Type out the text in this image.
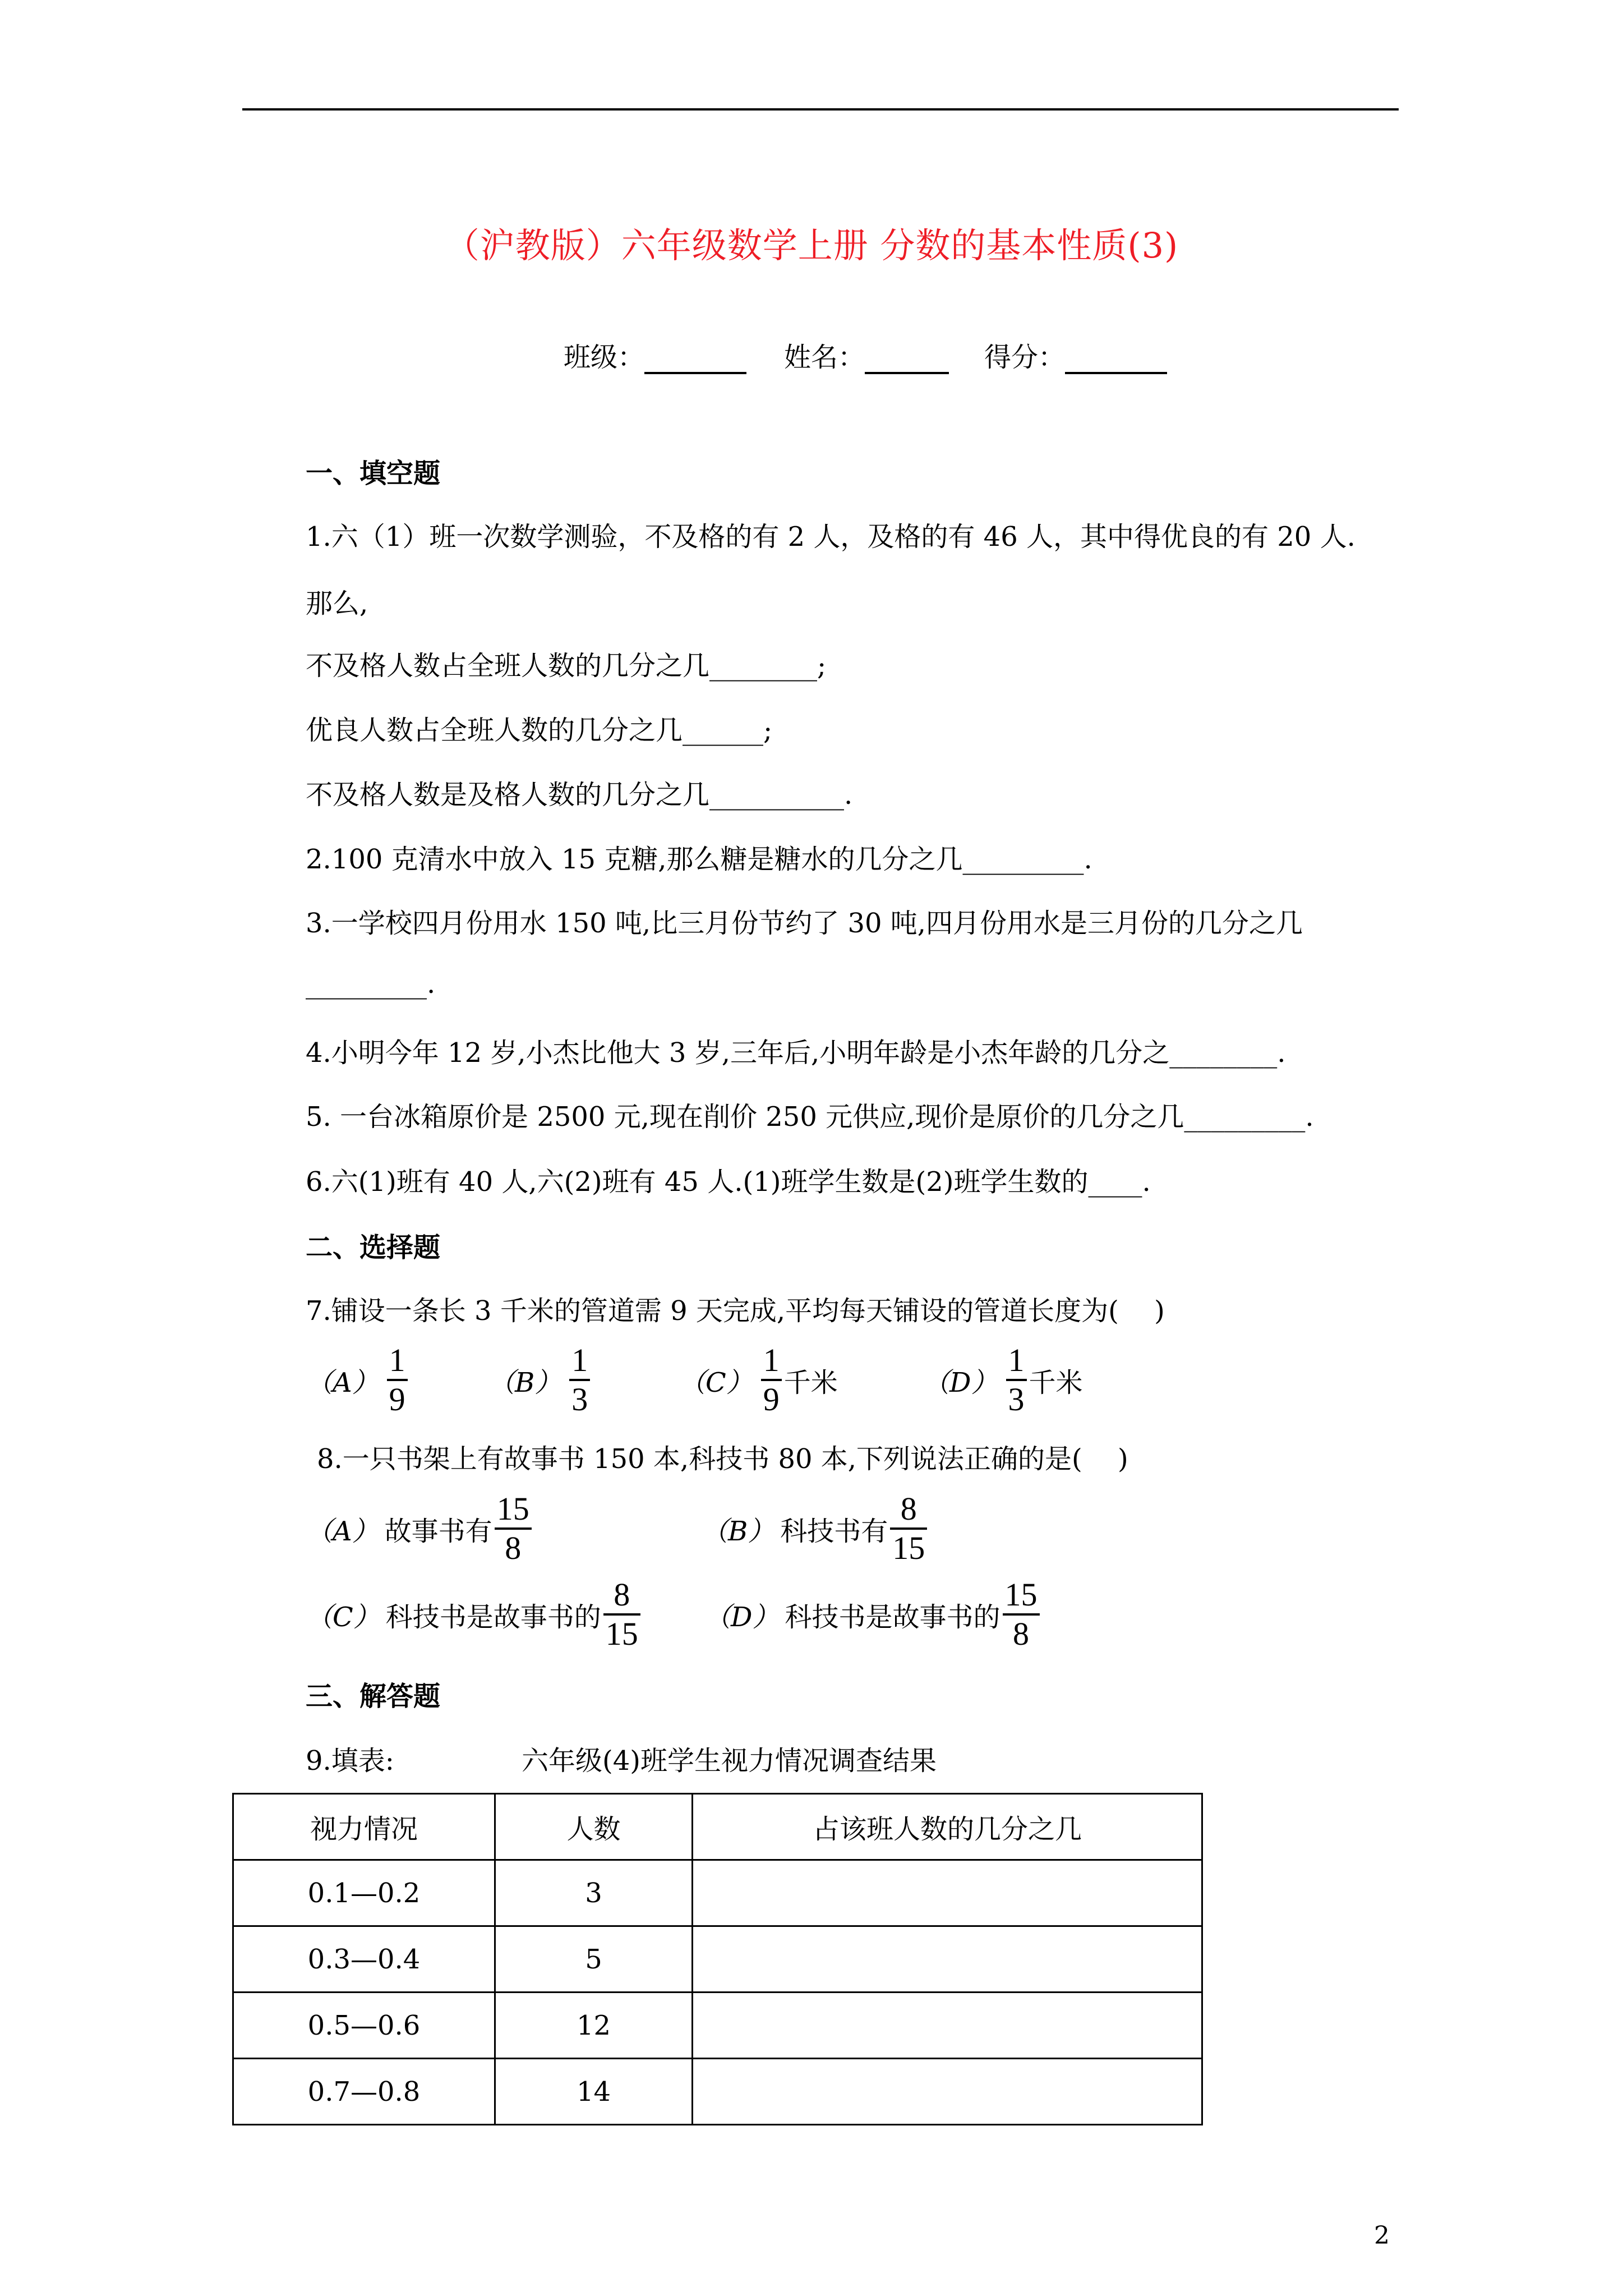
（沪教版）六年级数学上册 分数的基本性质(3)
班级：	姓名：	得分：
一、填空题
1.六（1）班一次数学测验，不及格的有 2 人，及格的有 46 人，其中得优良的有 20 人.
那么,
不及格人数占全班人数的几分之几________;
优良人数占全班人数的几分之几______;
不及格人数是及格人数的几分之几__________.
2.100 克清水中放入 15 克糖,那么糖是糖水的几分之几_________.
3.一学校四月份用水 150 吨,比三月份节约了 30 吨,四月份用水是三月份的几分之几
_________.
4.小明今年 12 岁,小杰比他大 3 岁,三年后,小明年龄是小杰年龄的几分之________.
5. 一台冰箱原价是 2500 元,现在削价 250 元供应,现价是原价的几分之几_________.
6.六(1)班有 40 人,六(2)班有 45 人.(1)班学生数是(2)班学生数的____.
二、选择题
7.铺设一条长 3 千米的管道需 9 天完成,平均每天铺设的管道长度为(　 )
$(A) \frac{1}{9}$	$(B) \frac{1}{3}$	$(C) \frac{1}{9}$ 千米	$(D) \frac{1}{3}$ 千米
8.一只书架上有故事书 150 本,科技书 80 本,下列说法正确的是(　 )
（A） 故事书有 $\frac{15}{8}$	（B） 科技书有 $\frac{8}{15}$
（C） 科技书是故事书的 $\frac{8}{15} (D)$ 科技书是故事书的 $\frac{15}{8}$
三、解答题
9.填表:	六年级(4)班学生视力情况调查结果
视力情况	人数	占该班人数的几分之几
0.1—0.2	3	
0.3—0.4	5	
0.5—0.6	12	
0.7—0.8	14	
2
